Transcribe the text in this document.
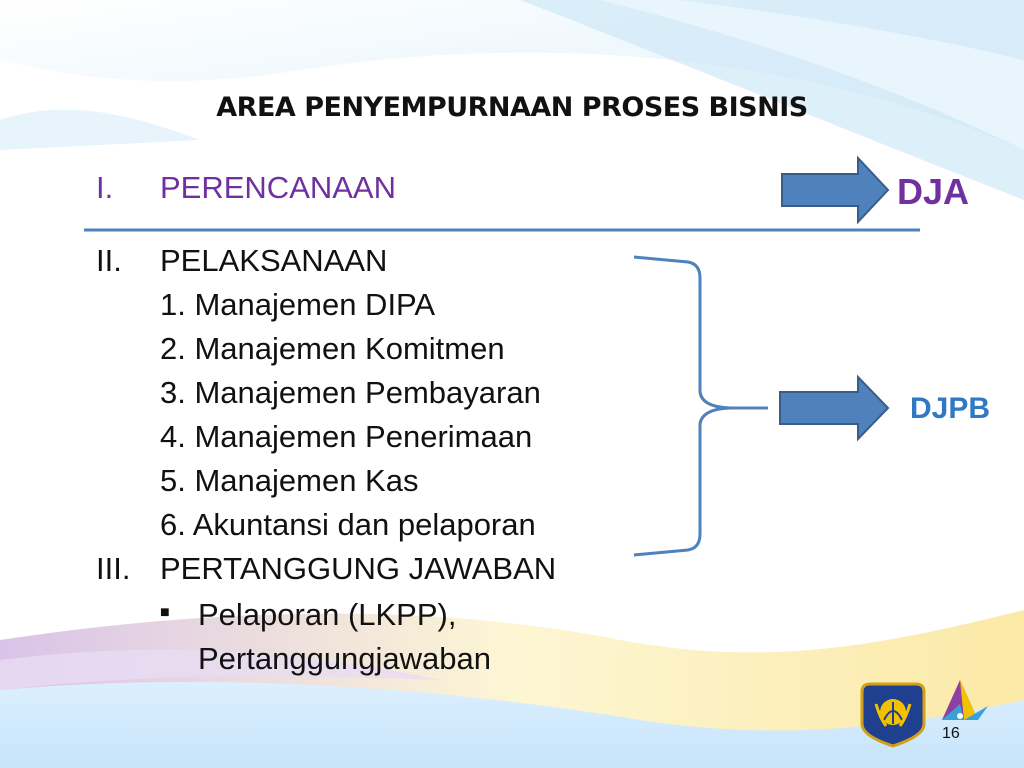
AREA PENYEMPURNAAN PROSES BISNIS
I. PERENCANAAN
II. PELAKSANAAN
1. Manajemen DIPA
2. Manajemen Komitmen
3. Manajemen Pembayaran
4. Manajemen Penerimaan
5. Manajemen Kas
6. Akuntansi dan pelaporan
III. PERTANGGUNG JAWABAN
■ Pelaporan (LKPP),
Pertanggungjawaban
DJA
DJPB
16
